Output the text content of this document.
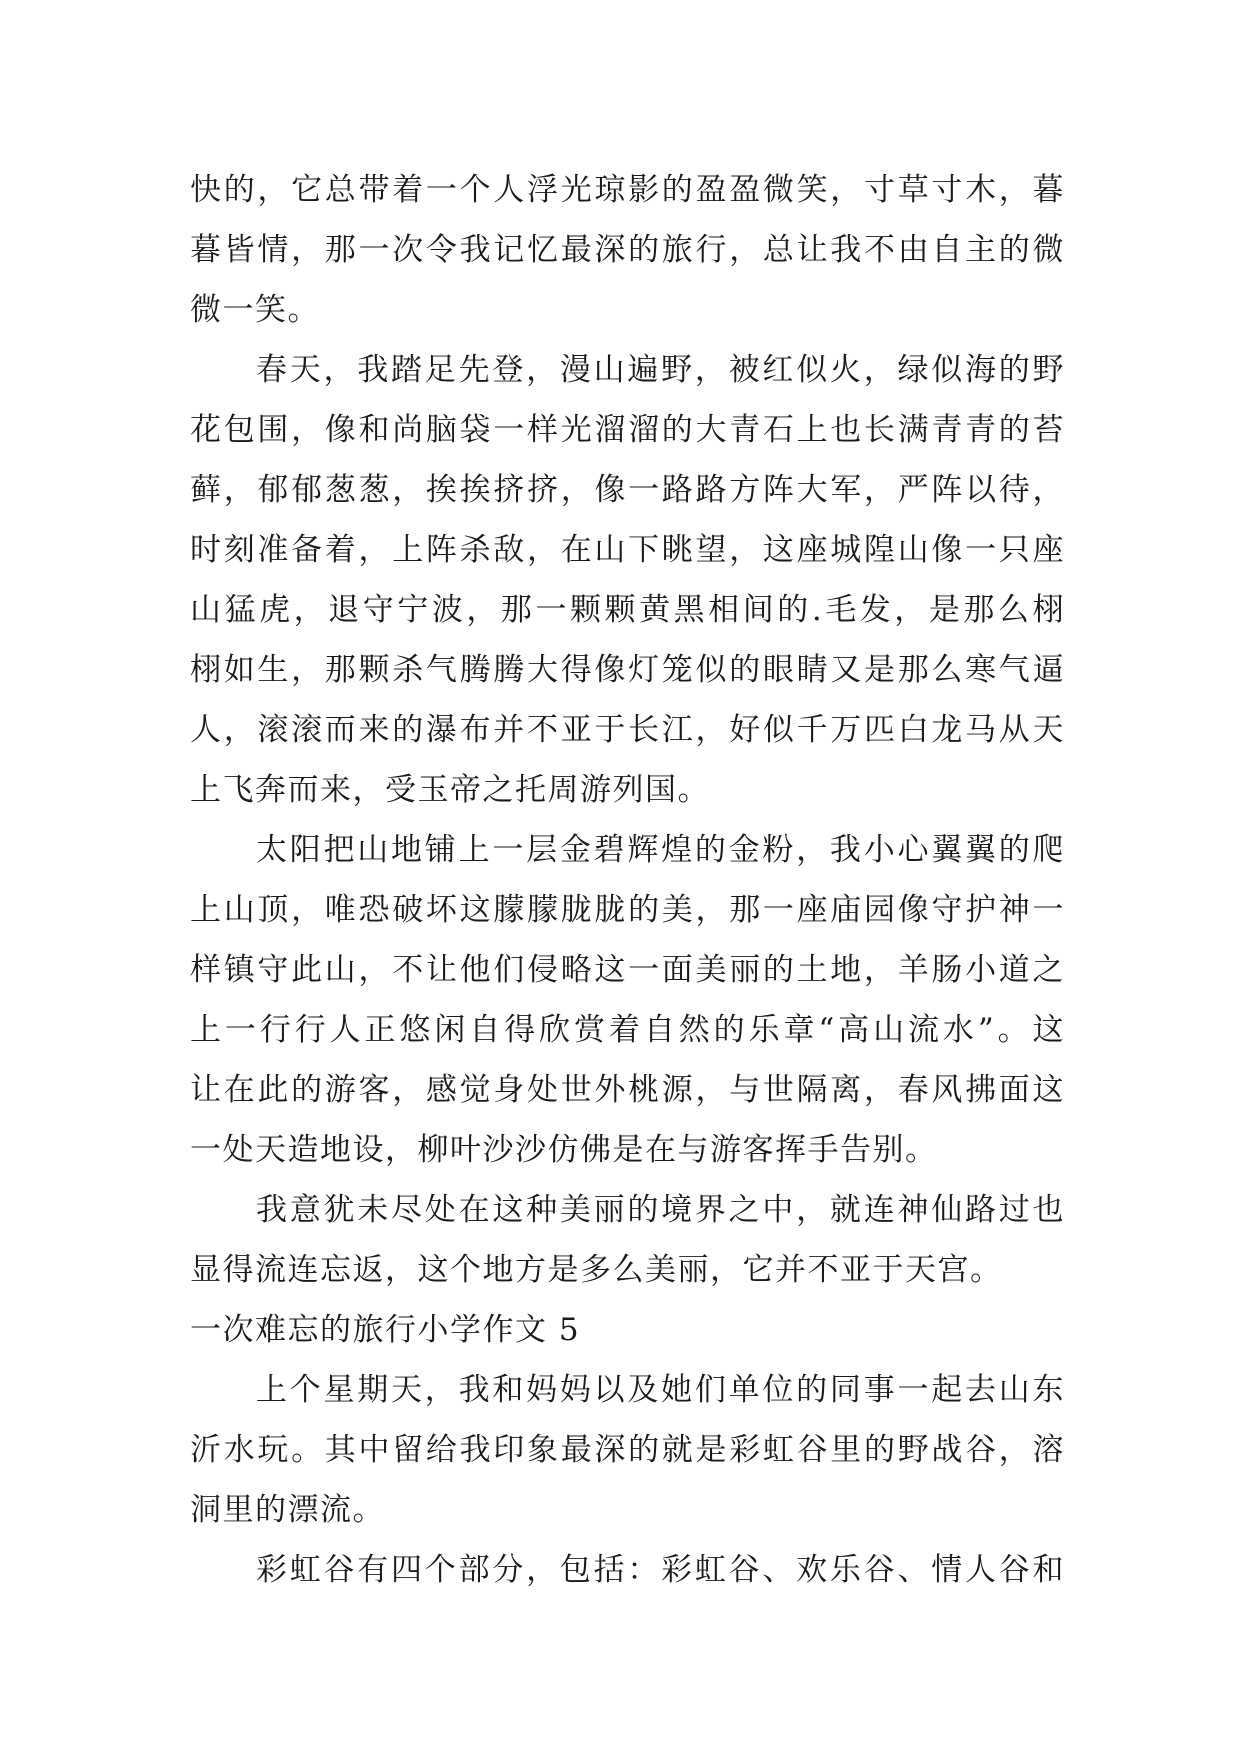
快的，它总带着一个人浮光琼影的盈盈微笑，寸草寸木，暮
暮皆情，那一次令我记忆最深的旅行，总让我不由自主的微
微一笑。
春天，我踏足先登，漫山遍野，被红似火，绿似海的野
花包围，像和尚脑袋一样光溜溜的大青石上也长满青青的苔
藓，郁郁葱葱，挨挨挤挤，像一路路方阵大军，严阵以待，
时刻准备着，上阵杀敌，在山下眺望，这座城隍山像一只座
山猛虎，退守宁波，那一颗颗黄黑相间的.毛发，是那么栩
栩如生，那颗杀气腾腾大得像灯笼似的眼睛又是那么寒气逼
人，滚滚而来的瀑布并不亚于长江，好似千万匹白龙马从天
上飞奔而来，受玉帝之托周游列国。
太阳把山地铺上一层金碧辉煌的金粉，我小心翼翼的爬
上山顶，唯恐破坏这朦朦胧胧的美，那一座庙园像守护神一
样镇守此山，不让他们侵略这一面美丽的土地，羊肠小道之
上一行行人正悠闲自得欣赏着自然的乐章“高山流水”。这
让在此的游客，感觉身处世外桃源，与世隔离，春风拂面这
一处天造地设，柳叶沙沙仿佛是在与游客挥手告别。
我意犹未尽处在这种美丽的境界之中，就连神仙路过也
显得流连忘返，这个地方是多么美丽，它并不亚于天宫。
一次难忘的旅行小学作文 5
上个星期天，我和妈妈以及她们单位的同事一起去山东
沂水玩。其中留给我印象最深的就是彩虹谷里的野战谷，溶
洞里的漂流。
彩虹谷有四个部分，包括：彩虹谷、欢乐谷、情人谷和
